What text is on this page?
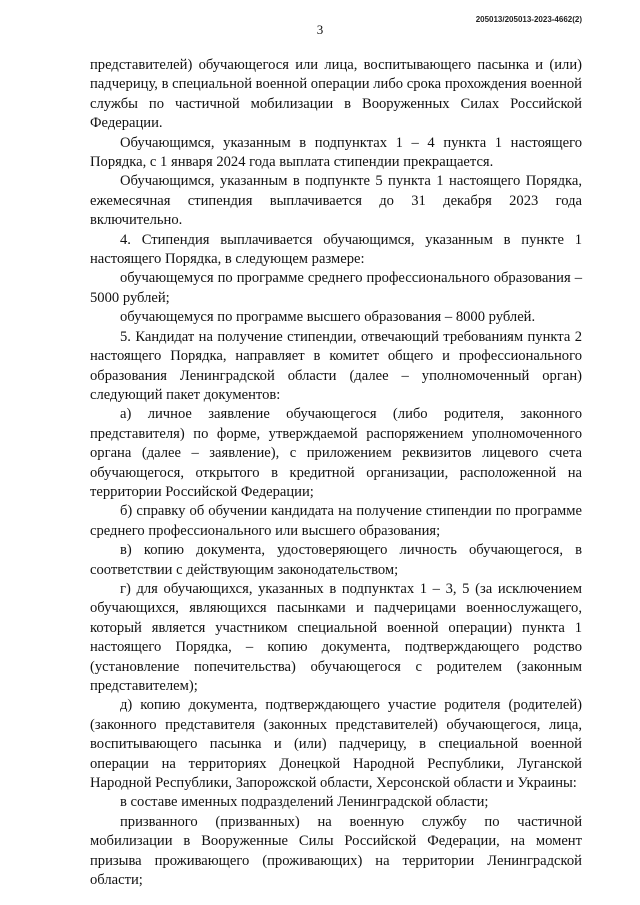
3
205013/205013-2023-4662(2)

представителей) обучающегося или лица, воспитывающего пасынка и (или) падчерицу, в специальной военной операции либо срока прохождения военной службы по частичной мобилизации в Вооруженных Силах Российской Федерации.

Обучающимся, указанным в подпунктах 1 – 4 пункта 1 настоящего Порядка, с 1 января 2024 года выплата стипендии прекращается.

Обучающимся, указанным в подпункте 5 пункта 1 настоящего Порядка, ежемесячная стипендия выплачивается до 31 декабря 2023 года включительно.

4. Стипендия выплачивается обучающимся, указанным в пункте 1 настоящего Порядка, в следующем размере:

обучающемуся по программе среднего профессионального образования – 5000 рублей;

обучающемуся по программе высшего образования – 8000 рублей.

5. Кандидат на получение стипендии, отвечающий требованиям пункта 2 настоящего Порядка, направляет в комитет общего и профессионального образования Ленинградской области (далее – уполномоченный орган) следующий пакет документов:

а) личное заявление обучающегося (либо родителя, законного представителя) по форме, утверждаемой распоряжением уполномоченного органа (далее – заявление), с приложением реквизитов лицевого счета обучающегося, открытого в кредитной организации, расположенной на территории Российской Федерации;

б) справку об обучении кандидата на получение стипендии по программе среднего профессионального или высшего образования;

в) копию документа, удостоверяющего личность обучающегося, в соответствии с действующим законодательством;

г) для обучающихся, указанных в подпунктах 1 – 3, 5 (за исключением обучающихся, являющихся пасынками и падчерицами военнослужащего, который является участником специальной военной операции) пункта 1 настоящего Порядка, – копию документа, подтверждающего родство (установление попечительства) обучающегося с родителем (законным представителем);

д) копию документа, подтверждающего участие родителя (родителей) (законного представителя (законных представителей) обучающегося, лица, воспитывающего пасынка и (или) падчерицу, в специальной военной операции на территориях Донецкой Народной Республики, Луганской Народной Республики, Запорожской области, Херсонской области и Украины:

в составе именных подразделений Ленинградской области;

призванного (призванных) на военную службу по частичной мобилизации в Вооруженные Силы Российской Федерации, на момент призыва проживающего (проживающих) на территории Ленинградской области;
